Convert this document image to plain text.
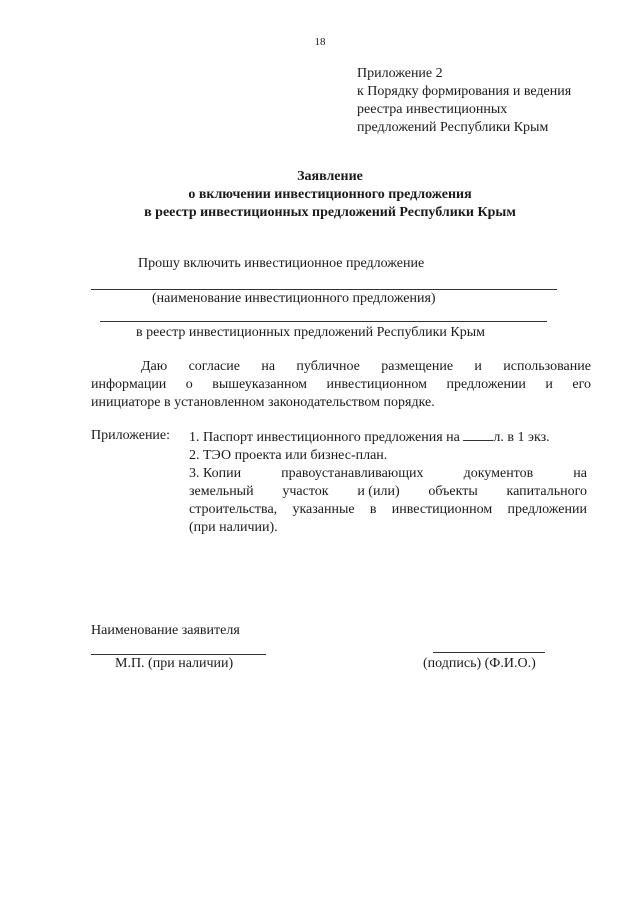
18
Приложение 2
к Порядку формирования и ведения
реестра инвестиционных
предложений Республики Крым
Заявление
о включении инвестиционного предложения
в реестр инвестиционных предложений Республики Крым
Прошу включить инвестиционное предложение
(наименование инвестиционного предложения)
в реестр инвестиционных предложений Республики Крым
Даю согласие на публичное размещение и использование
информации о вышеуказанном инвестиционном предложении и его
инициаторе в установленном законодательством порядке.
Приложение: 1. Паспорт инвестиционного предложения на л. в 1 экз.
2. ТЭО проекта или бизнес-план.
3. Копии	правоустанавливающих	документов	на
земельный участок и (или) объекты капитального
строительства, указанные в инвестиционном предложении
(при наличии).
Наименование заявителя
М.П. (при наличии)	(подпись) (Ф.И.О.)
